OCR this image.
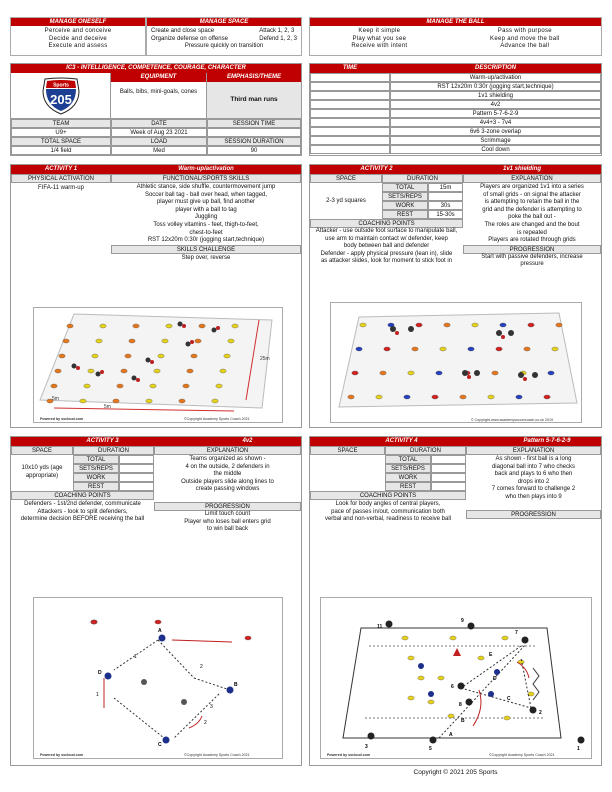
MANAGE ONESELF
Perceive and conceive
Decide and deceive
Execute and assess
MANAGE SPACE
Create and close space
Organize defense on offense
Attack 1, 2, 3
Defend 1, 2, 3
Pressure quickly on transition
MANAGE THE BALL
Keep it simple
Play what you see
Receive with intent
Pass with purpose
Keep and move the ball
Advance the ball
IC3 - INTELLIGENCE, COMPETENCE, COURAGE, CHARACTER
Sports
205
EQUIPMENT
Balls, bibs, mini-goals, cones
EMPHASIS/THEME
Third man runs
TEAM	DATE	SESSION TIME
U9+	Week of Aug 23 2021
TOTAL SPACE	LOAD	SESSION DURATION
1/4 field	Med	90
TIME	DESCRIPTION
Warm-up/activation
RST 12x20m 0:30r (jogging start,technique)
1v1 shielding
4v2
Pattern 5-7-6-2-9
4v4+3 - 7v4
6v6 3-zone overlap
Scrimmage
Cool down
ACTIVITY 1	Warm-up/activation
PHYSICAL ACTIVATION	FUNCTIONAL/SPORTS SKILLS
FIFA-11 warm-up	Athletic stance, side shuffle, countermovement jump
Soccer ball tag - ball over head, when tagged,
player must give up ball, find another
player with a ball to tag
Juggling
Toss volley vitamins - feet, thigh-to-feet,
chest-to-feet
RST 12x20m 0:30r (jogging start,technique)
SKILLS CHALLENGE
Step over, reverse
25m
5m
5m
Powered by sscloud.com	©Copyright Academy Sports Coach 2021
ACTIVITY 2	1v1 shielding
SPACE	DURATION	EXPLANATION
2-3 yd squares
TOTAL	15m
SETS/REPS
WORK	30s
REST	15-30s
COACHING POINTS
Attacker - use outside foot surface to manipulate ball,
use arm to maintain contact w/ defender, keep
body between ball and defender
Defender - apply physical pressure (lean in), slide
as attacker slides, look for moment to stick foot in
Players are organized 1v1 into a series
of small grids - on signal the attacker
is attempting to retain the ball in the
grid and the defender is attempting to
poke the ball out -
The roles are changed and the bout
is repeated
Players are rotated through grids
PROGRESSION
Start with passive defenders, increase
pressure
© Copyright www.academysoccercoach.co.uk 2019
ACTIVITY 3	4v2
SPACE	DURATION	EXPLANATION
10x10 yds (age appropriate)
TOTAL
SETS/REPS
WORK
REST
COACHING POINTS
Defenders - 1st/2nd defender, communicate
Attackers - look to split defenders,
determine decision BEFORE receiving the ball
Teams organized as shown -
4 on the outside, 2 defenders in
the middle
Outside players slide along lines to
create passing windows
PROGRESSION
Limit touch count
Player who loses ball enters grid
to win ball back
D
A
B
C
1
2
3
1
2
Powered by sscloud.com	©Copyright Academy Sports Coach 2021
ACTIVITY 4	Pattern 5-7-6-2-9
SPACE	DURATION	EXPLANATION
TOTAL
SETS/REPS
WORK
REST
COACHING POINTS
Look for body angles of central players,
pace of passes in/out, communication both
verbal and non-verbal, readiness to receive ball
As shown - first ball is a long
diagonal ball into 7 who checks
back and plays to 6 who then
drops into 2
7 comes forward to challenge 2
who then plays into 9
PROGRESSION
11
9
7
6
8
3	5
2
1
E
D
C
B
A
Powered by sscloud.com	©Copyright Academy Sports Coach 2021
Copyright © 2021 205 Sports
